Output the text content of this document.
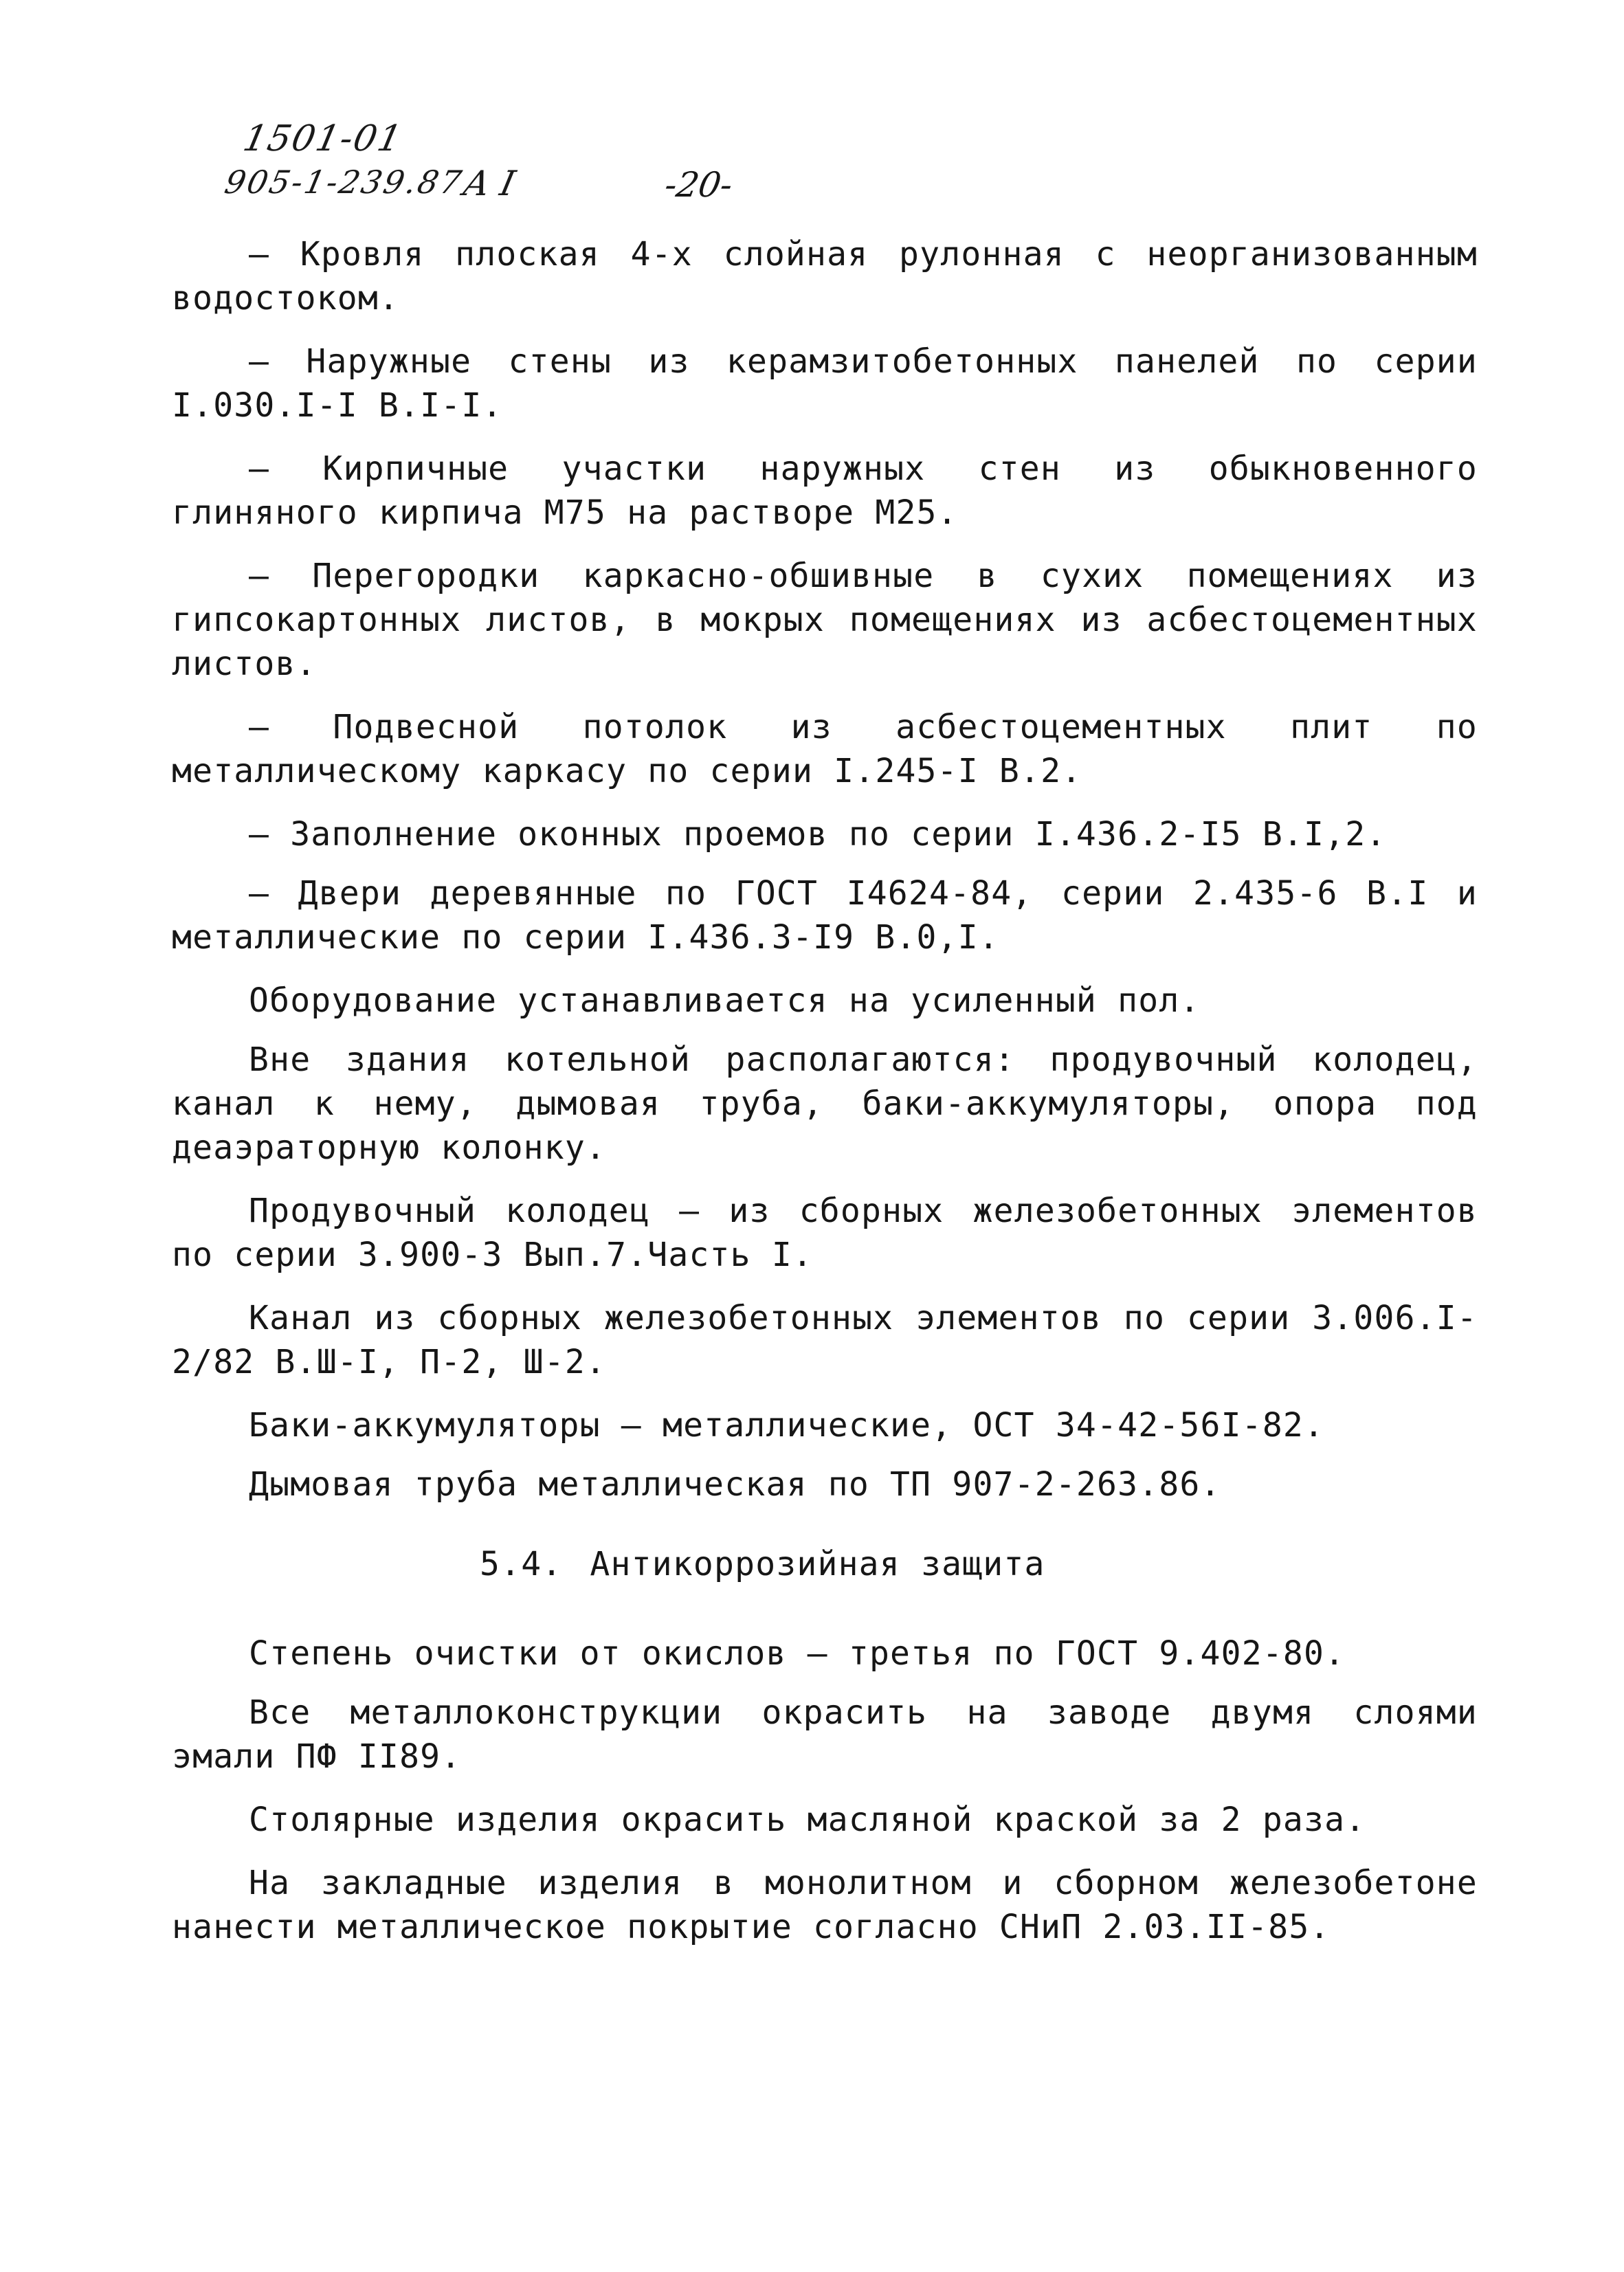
1501-01
905-1-239.87
А I	-20-

– Кровля плоская 4-х слойная рулонная с неорганизованным водостоком.

– Наружные стены из керамзитобетонных панелей по серии I.030.I-I В.I-I.

– Кирпичные участки наружных стен из обыкновенного глиняного кирпича М75 на растворе М25.

– Перегородки каркасно-обшивные в сухих помещениях из гипсокартонных листов, в мокрых помещениях из асбестоцементных листов.

– Подвесной потолок из асбестоцементных плит по металлическому каркасу по серии I.245-I В.2.

– Заполнение оконных проемов по серии I.436.2-I5 В.I,2.

– Двери деревянные по ГОСТ I4624-84, серии 2.435-6 В.I и металлические по серии I.436.3-I9 В.0,I.

Оборудование устанавливается на усиленный пол.

Вне здания котельной располагаются: продувочный колодец, канал к нему, дымовая труба, баки-аккумуляторы, опора под деаэраторную колонку.

Продувочный колодец – из сборных железобетонных элементов по серии 3.900-3 Вып.7.Часть I.

Канал из сборных железобетонных элементов по серии 3.006.I-2/82 В.Ш-I, П-2, Ш-2.

Баки-аккумуляторы – металлические, ОСТ 34-42-56I-82.

Дымовая труба металлическая по ТП 907-2-263.86.

5.4. Антикоррозийная защита

Степень очистки от окислов – третья по ГОСТ 9.402-80.

Все металлоконструкции окрасить на заводе двумя слоями эмали ПФ II89.

Столярные изделия окрасить масляной краской за 2 раза.

На закладные изделия в монолитном и сборном железобетоне нанести металлическое покрытие согласно СНиП 2.03.II-85.
